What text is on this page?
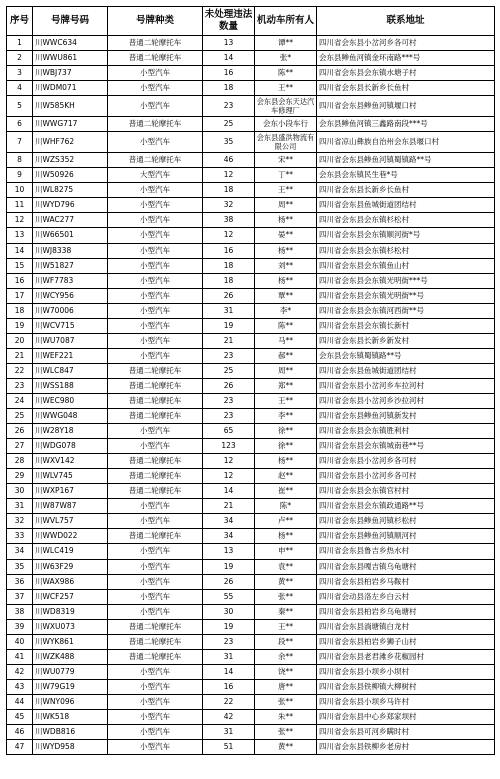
序号	号牌号码	号牌种类	未处理违法数量	机动车所有人	联系地址
1	川WWC634	普通二轮摩托车	13	谭**	四川省会东县小岔河乡各可村
2	川WWU861	普通二轮摩托车	14	张*	会东县鲹鱼河镇金环南路***号
3	川WBJ737	小型汽车	16	陈**	四川省会东县会东镇水塘子村
4	川WDM071	小型汽车	18	王**	四川省会东县长新乡长鱼村
5	川W585KH	小型汽车	23	会东县会东天达汽车修理厂	四川省会东县鲹鱼河镇堰口村
6	川WWG717	普通二轮摩托车	25	会东小段车行	会东县鲹鱼河镇三鑫路南段***号
7	川WHF762	小型汽车	35	会东县盛洪物流有限公司	四川省凉山彝族自治州会东县堰口村
8	川WZS352	普通二轮摩托车	46	宋**	四川省会东县鲹鱼河镇蜀镇路**号
9	川W50926	大型汽车	12	丁**	会东县会东镇民生巷*号
10	川WL8275	小型汽车	18	王**	四川省会东县长新乡长鱼村
11	川WYD796	小型汽车	32	周**	四川省会东县鱼城街道团结村
12	川WAC277	小型汽车	38	杨**	四川省会东县会东镇杉松村
13	川W66501	小型汽车	12	晏**	四川省会东县会东镇顺河街*号
14	川WJ8338	小型汽车	16	杨**	四川省会东县会东镇杉松村
15	川W51827	小型汽车	18	刘**	四川省会东县会东镇鱼山村
16	川WF7783	小型汽车	18	杨**	四川省会东县会东镇光明街***号
17	川WCY956	小型汽车	26	覃**	四川省会东县会东镇光明街**号
18	川W70006	小型汽车	31	李*	四川省会东县会东镇河西街**号
19	川WCV715	小型汽车	19	陈**	四川省会东县会东镇长新村
20	川WU7087	小型汽车	21	马**	四川省会东县长新乡新发村
21	川WEF221	小型汽车	23	郝**	会东县会东镇蜀镇路**号
22	川WLC847	普通二轮摩托车	25	周**	四川省会东县鱼城街道团结村
23	川WSS188	普通二轮摩托车	26	郑**	四川省会东县小岔河乡车拉河村
24	川WEC980	普通二轮摩托车	23	王**	四川省会东县小岔河乡沙拉河村
25	川WWG048	普通二轮摩托车	23	李**	四川省会东县鲹鱼河镇新发村
26	川W28Y18	小型汽车	65	徐**	四川省会东县会东镇胜利村
27	川WDG078	小型汽车	123	徐**	四川省会东县会东镇城南巷**号
28	川WXV142	普通二轮摩托车	12	杨**	四川省会东县小岔河乡各可村
29	川WLV745	普通二轮摩托车	12	赵**	四川省会东县小岔河乡各可村
30	川WXP167	普通二轮摩托车	14	崔**	四川省会东县会东镇官村村
31	川W87W87	小型汽车	21	陈*	四川省会东县会东镇政通路**号
32	川WVL757	小型汽车	34	卢**	四川省会东县鲹鱼河镇杉松村
33	川WWD022	普通二轮摩托车	34	杨**	四川省会东县鲹鱼河镇顺河村
34	川WLC419	小型汽车	13	申**	四川省会东县鲁吉乡热水村
35	川W63F29	小型汽车	19	袁**	四川省会东县嘎吉镇乌龟塘村
36	川WAX986	小型汽车	26	黄**	四川省会东县柏岩乡马鞍村
37	川WCF257	小型汽车	55	张**	四川省会动县洛左乡白云村
38	川WD8319	小型汽车	30	秦**	四川省会东县柏岩乡乌龟塘村
39	川WXU073	普通二轮摩托车	19	王**	四川省会东县淌塘镇白龙村
40	川WYK861	普通二轮摩托车	23	段**	四川省会东县柏岩乡狮子山村
41	川WZK488	普通二轮摩托车	31	余**	四川省会东县老君滩乡花椒园村
42	川WU0779	小型汽车	14	饶**	四川省会东县小坝乡小坝村
43	川W79G19	小型汽车	16	唐**	四川省会东县铁柳镇大柳树村
44	川WNY096	小型汽车	22	张**	四川省会东县小坝乡马许村
45	川WK518	小型汽车	42	朱**	四川省会东县中心乡郑家坝村
46	川WDB816	小型汽车	31	张**	四川省会东县可河乡瞒时村
47	川WYD958	小型汽车	51	黄**	四川省会东县铁柳乡老房村
